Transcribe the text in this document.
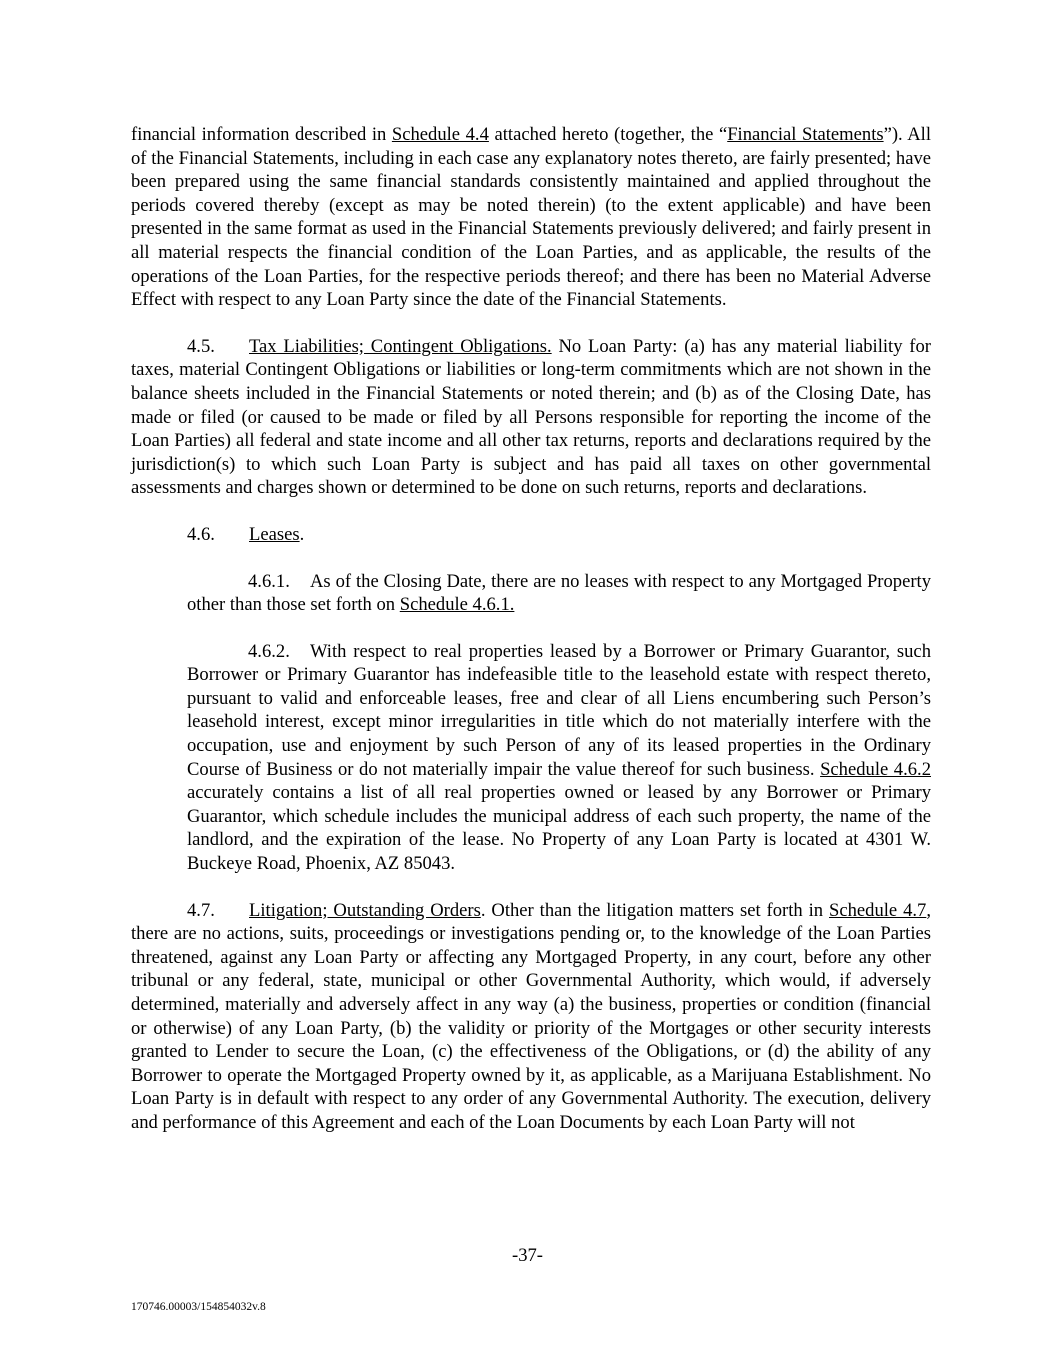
financial information described in Schedule 4.4 attached hereto (together, the “Financial Statements”). All of the Financial Statements, including in each case any explanatory notes thereto, are fairly presented; have been prepared using the same financial standards consistently maintained and applied throughout the periods covered thereby (except as may be noted therein) (to the extent applicable) and have been presented in the same format as used in the Financial Statements previously delivered; and fairly present in all material respects the financial condition of the Loan Parties, and as applicable, the results of the operations of the Loan Parties, for the respective periods thereof; and there has been no Material Adverse Effect with respect to any Loan Party since the date of the Financial Statements.

4.5. Tax Liabilities; Contingent Obligations. No Loan Party: (a) has any material liability for taxes, material Contingent Obligations or liabilities or long-term commitments which are not shown in the balance sheets included in the Financial Statements or noted therein; and (b) as of the Closing Date, has made or filed (or caused to be made or filed by all Persons responsible for reporting the income of the Loan Parties) all federal and state income and all other tax returns, reports and declarations required by the jurisdiction(s) to which such Loan Party is subject and has paid all taxes on other governmental assessments and charges shown or determined to be done on such returns, reports and declarations.

4.6. Leases.

4.6.1. As of the Closing Date, there are no leases with respect to any Mortgaged Property other than those set forth on Schedule 4.6.1.

4.6.2. With respect to real properties leased by a Borrower or Primary Guarantor, such Borrower or Primary Guarantor has indefeasible title to the leasehold estate with respect thereto, pursuant to valid and enforceable leases, free and clear of all Liens encumbering such Person’s leasehold interest, except minor irregularities in title which do not materially interfere with the occupation, use and enjoyment by such Person of any of its leased properties in the Ordinary Course of Business or do not materially impair the value thereof for such business. Schedule 4.6.2 accurately contains a list of all real properties owned or leased by any Borrower or Primary Guarantor, which schedule includes the municipal address of each such property, the name of the landlord, and the expiration of the lease. No Property of any Loan Party is located at 4301 W. Buckeye Road, Phoenix, AZ 85043.

4.7. Litigation; Outstanding Orders. Other than the litigation matters set forth in Schedule 4.7, there are no actions, suits, proceedings or investigations pending or, to the knowledge of the Loan Parties threatened, against any Loan Party or affecting any Mortgaged Property, in any court, before any other tribunal or any federal, state, municipal or other Governmental Authority, which would, if adversely determined, materially and adversely affect in any way (a) the business, properties or condition (financial or otherwise) of any Loan Party, (b) the validity or priority of the Mortgages or other security interests granted to Lender to secure the Loan, (c) the effectiveness of the Obligations, or (d) the ability of any Borrower to operate the Mortgaged Property owned by it, as applicable, as a Marijuana Establishment. No Loan Party is in default with respect to any order of any Governmental Authority. The execution, delivery and performance of this Agreement and each of the Loan Documents by each Loan Party will not

-37-
170746.00003/154854032v.8
